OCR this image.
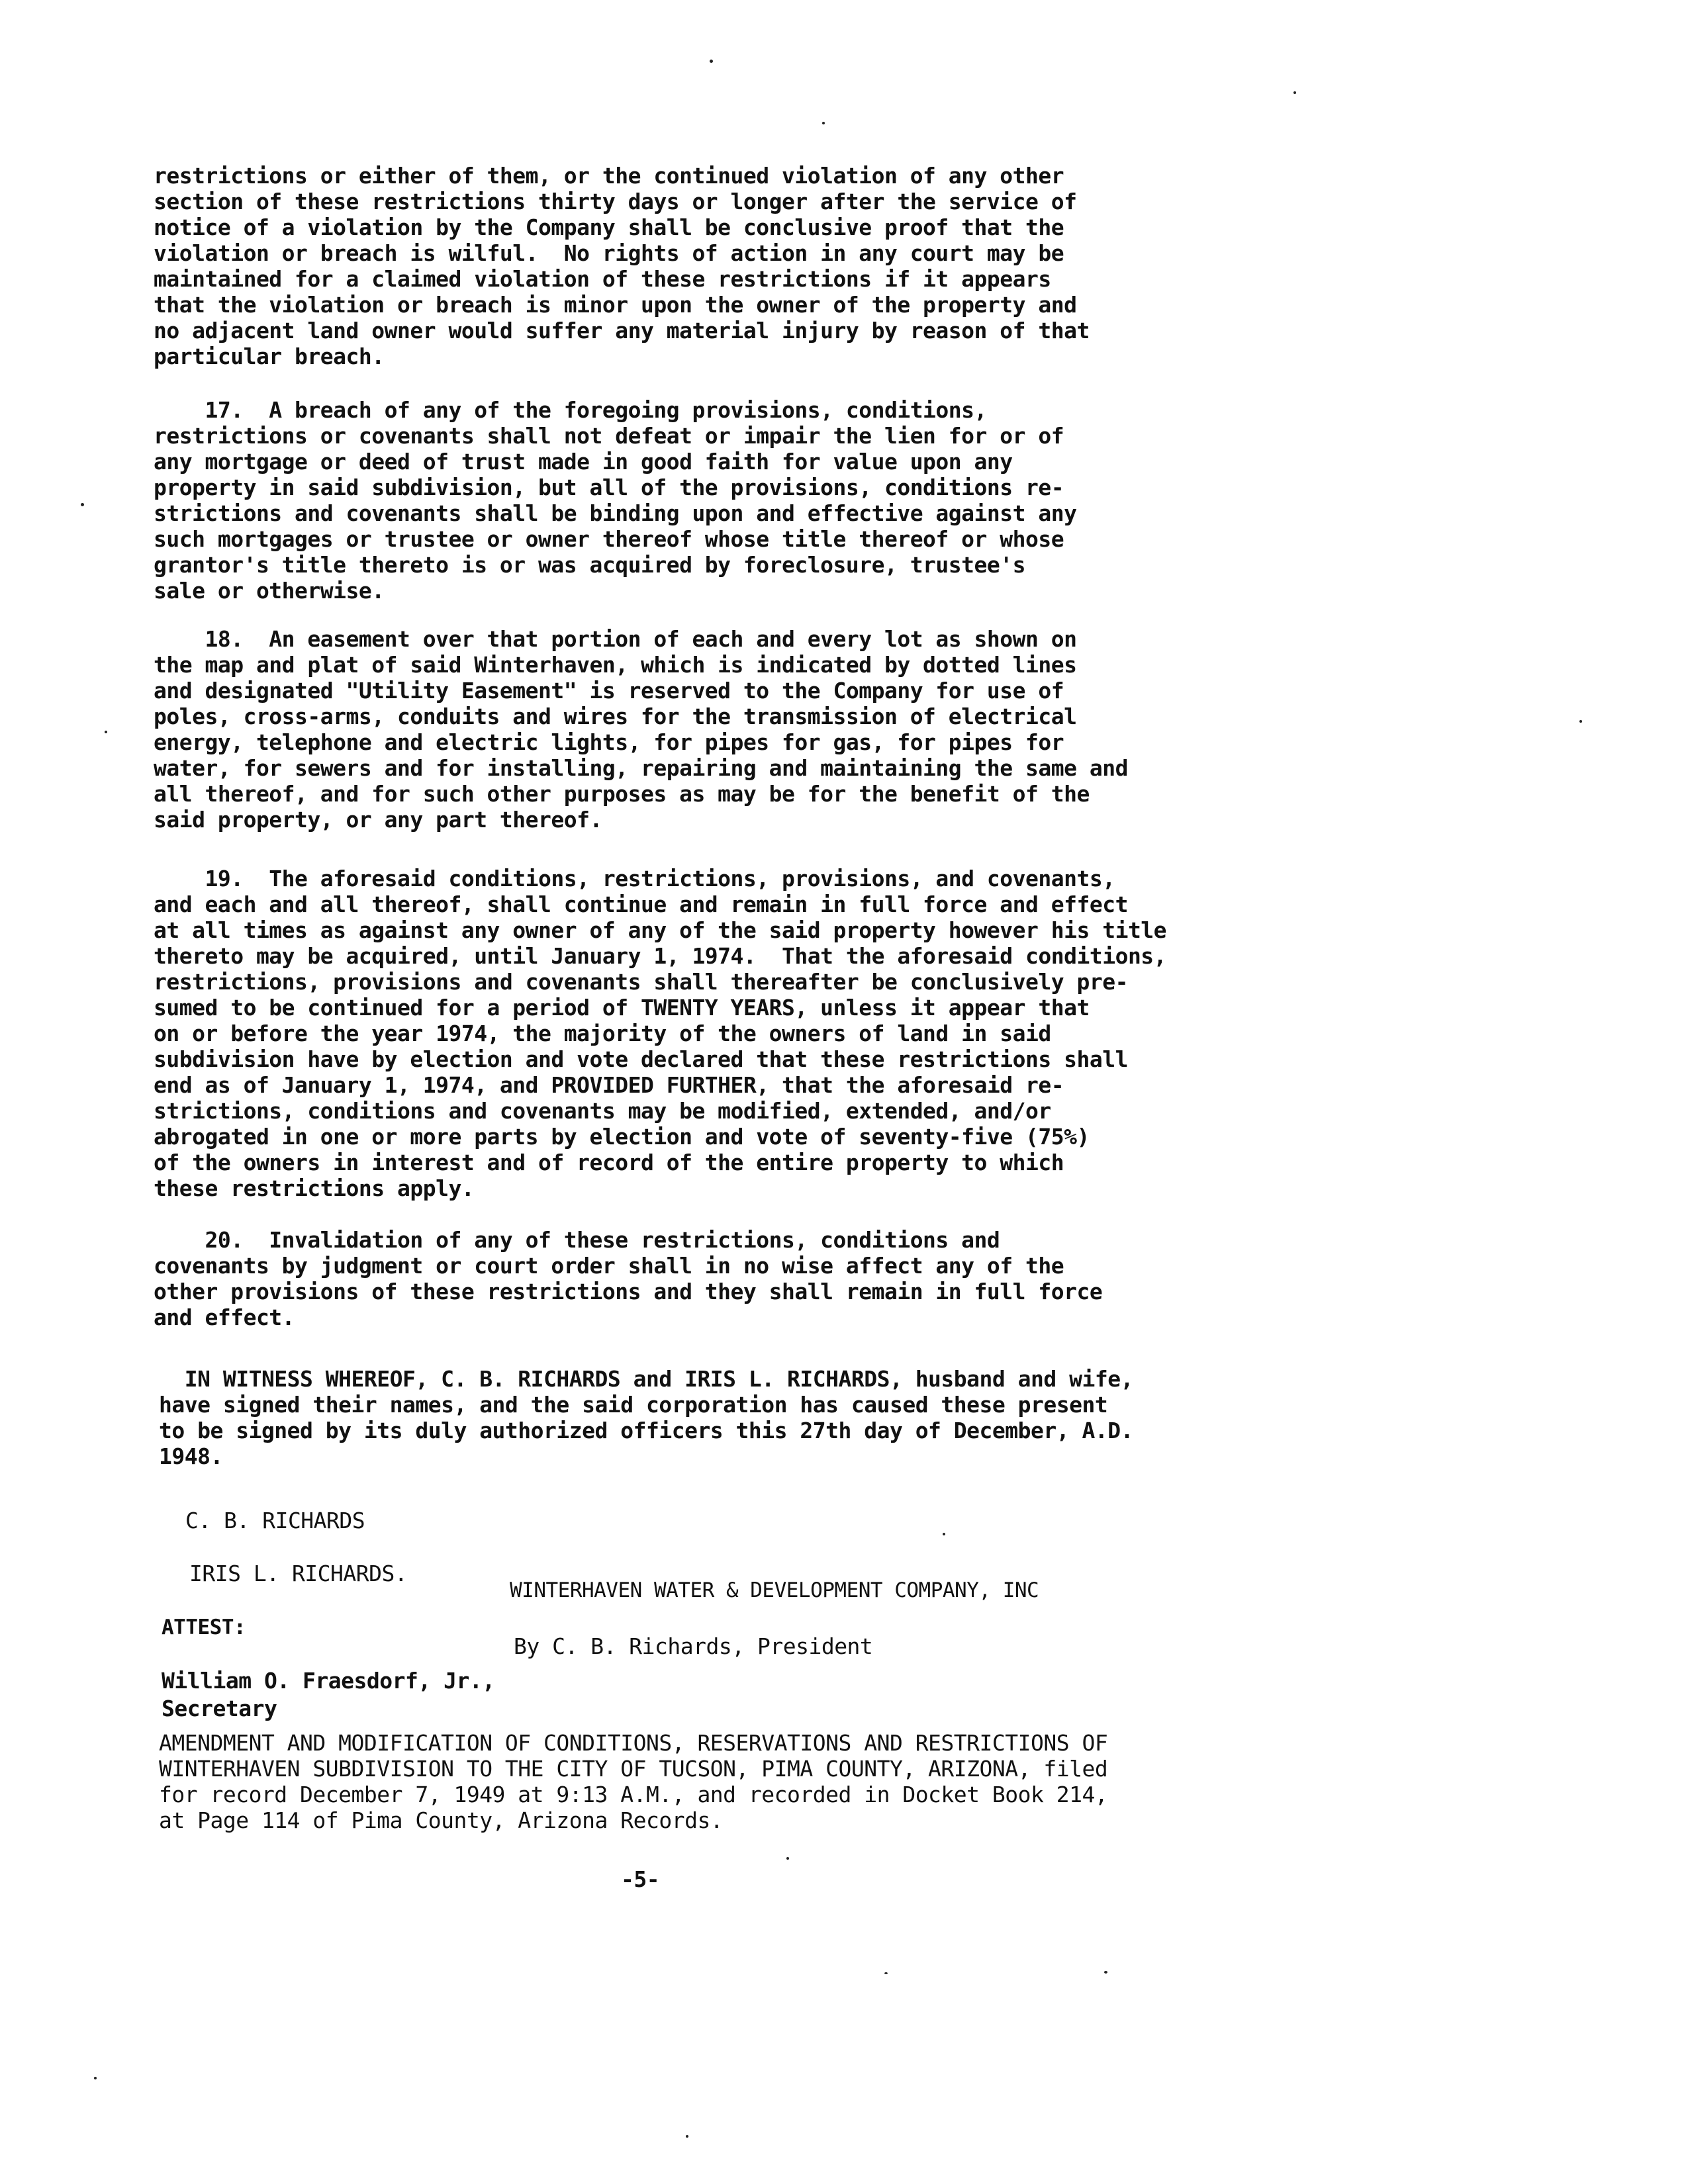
restrictions or either of them, or the continued violation of any other
section of these restrictions thirty days or longer after the service of
notice of a violation by the Company shall be conclusive proof that the
violation or breach is wilful.  No rights of action in any court may be
maintained for a claimed violation of these restrictions if it appears
that the violation or breach is minor upon the owner of the property and
no adjacent land owner would suffer any material injury by reason of that
particular breach.
17.  A breach of any of the foregoing provisions, conditions,
restrictions or covenants shall not defeat or impair the lien for or of
any mortgage or deed of trust made in good faith for value upon any
property in said subdivision, but all of the provisions, conditions re-
strictions and covenants shall be binding upon and effective against any
such mortgages or trustee or owner thereof whose title thereof or whose
grantor's title thereto is or was acquired by foreclosure, trustee's
sale or otherwise.
18.  An easement over that portion of each and every lot as shown on
the map and plat of said Winterhaven, which is indicated by dotted lines
and designated "Utility Easement" is reserved to the Company for use of
poles, cross-arms, conduits and wires for the transmission of electrical
energy, telephone and electric lights, for pipes for gas, for pipes for
water, for sewers and for installing, repairing and maintaining the same and
all thereof, and for such other purposes as may be for the benefit of the
said property, or any part thereof.
19.  The aforesaid conditions, restrictions, provisions, and covenants,
and each and all thereof, shall continue and remain in full force and effect
at all times as against any owner of any of the said property however his title
thereto may be acquired, until January 1, 1974.  That the aforesaid conditions,
restrictions, provisions and covenants shall thereafter be conclusively pre-
sumed to be continued for a period of TWENTY YEARS, unless it appear that
on or before the year 1974, the majority of the owners of land in said
subdivision have by election and vote declared that these restrictions shall
end as of January 1, 1974, and PROVIDED FURTHER, that the aforesaid re-
strictions, conditions and covenants may be modified, extended, and/or
abrogated in one or more parts by election and vote of seventy-five (75%)
of the owners in interest and of record of the entire property to which
these restrictions apply.
20.  Invalidation of any of these restrictions, conditions and
covenants by judgment or court order shall in no wise affect any of the
other provisions of these restrictions and they shall remain in full force
and effect.
IN WITNESS WHEREOF, C. B. RICHARDS and IRIS L. RICHARDS, husband and wife,
have signed their names, and the said corporation has caused these present
to be signed by its duly authorized officers this 27th day of December, A.D.
1948.
C. B. RICHARDS
IRIS L. RICHARDS.
WINTERHAVEN WATER & DEVELOPMENT COMPANY, INC
ATTEST:
By C. B. Richards, President
William O. Fraesdorf, Jr.,
Secretary
AMENDMENT AND MODIFICATION OF CONDITIONS, RESERVATIONS AND RESTRICTIONS OF
WINTERHAVEN SUBDIVISION TO THE CITY OF TUCSON, PIMA COUNTY, ARIZONA, filed
for record December 7, 1949 at 9:13 A.M., and recorded in Docket Book 214,
at Page 114 of Pima County, Arizona Records.
-5-
